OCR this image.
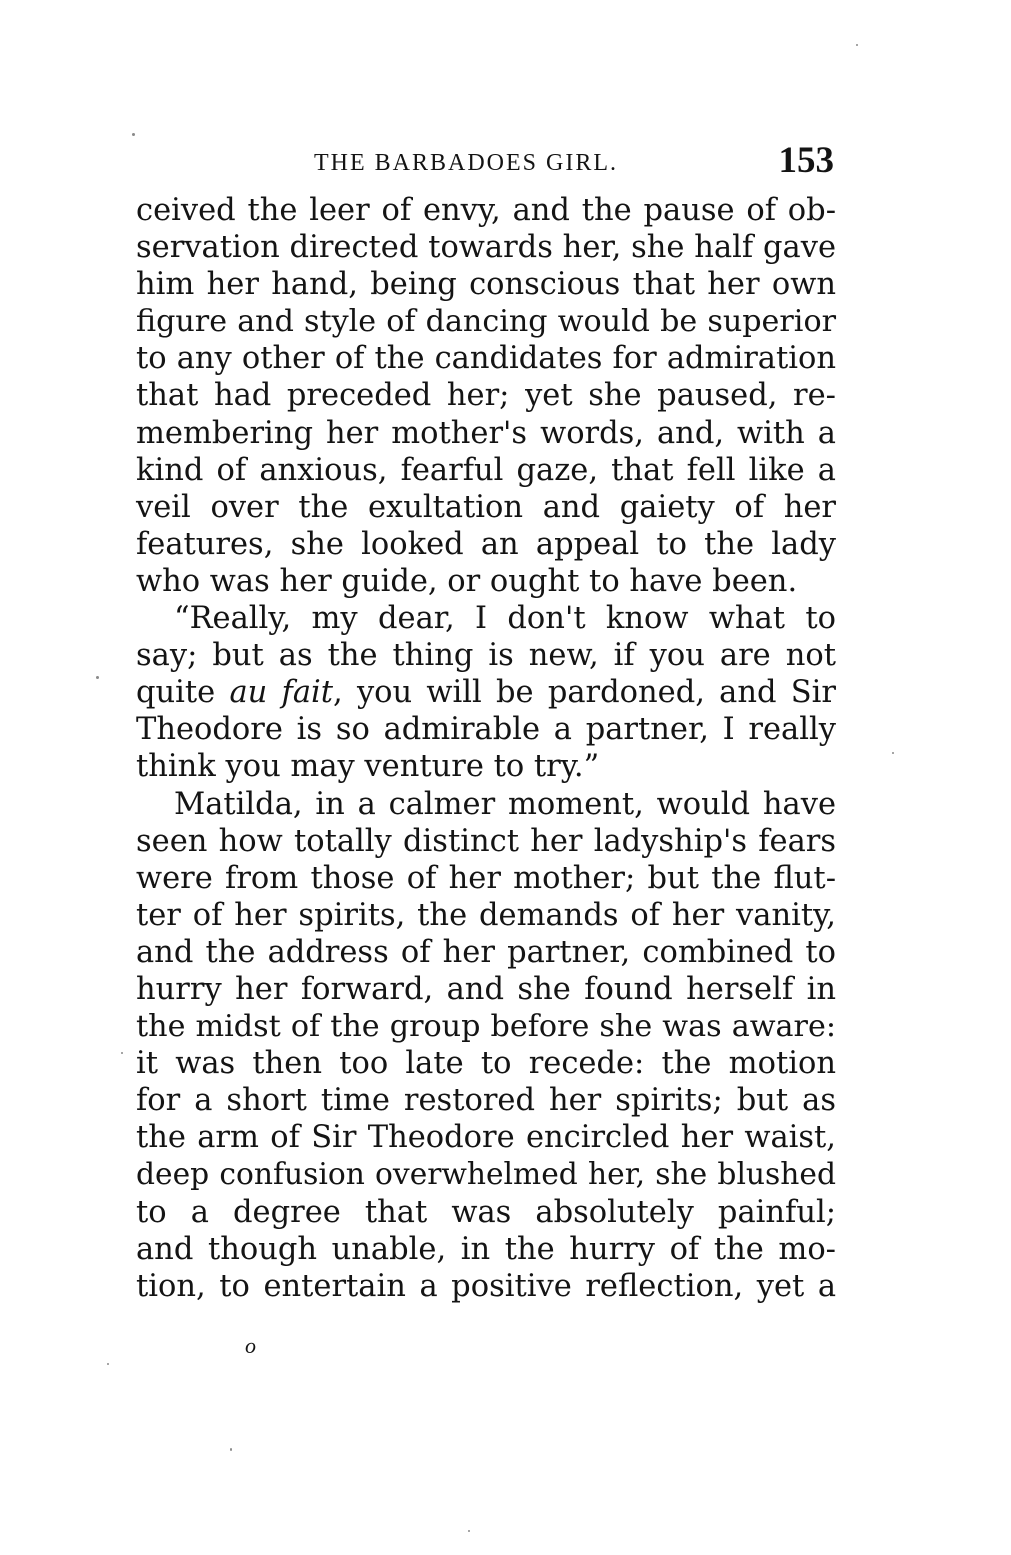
THE BARBADOES GIRL.	153
ceived the leer of envy, and the pause of ob-
servation directed towards her, she half gave
him her hand, being conscious that her own
figure and style of dancing would be superior
to any other of the candidates for admiration
that had preceded her; yet she paused, re-
membering her mother's words, and, with a
kind of anxious, fearful gaze, that fell like a
veil over the exultation and gaiety of her
features, she looked an appeal to the lady
who was her guide, or ought to have been.
“Really, my dear, I don't know what to
say; but as the thing is new, if you are not
quite au fait, you will be pardoned, and Sir
Theodore is so admirable a partner, I really
think you may venture to try.”
Matilda, in a calmer moment, would have
seen how totally distinct her ladyship's fears
were from those of her mother; but the flut-
ter of her spirits, the demands of her vanity,
and the address of her partner, combined to
hurry her forward, and she found herself in
the midst of the group before she was aware:
it was then too late to recede: the motion
for a short time restored her spirits; but as
the arm of Sir Theodore encircled her waist,
deep confusion overwhelmed her, she blushed
to a degree that was absolutely painful;
and though unable, in the hurry of the mo-
tion, to entertain a positive reflection, yet a
o
